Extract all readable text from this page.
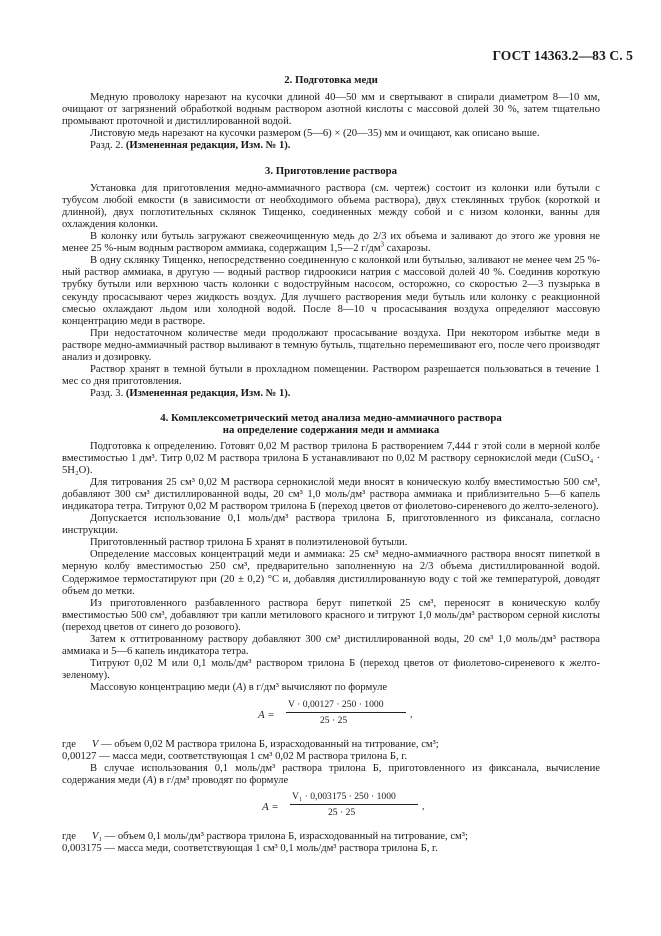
ГОСТ 14363.2—83 С. 5

2. Подготовка меди

Медную проволоку нарезают на кусочки длиной 40—50 мм и свертывают в спирали диаметром 8—10 мм, очищают от загрязнений обработкой водным раствором азотной кислоты с массовой долей 30 %, затем тщательно промывают проточной и дистиллированной водой.

Листовую медь нарезают на кусочки размером (5—6) × (20—35) мм и очищают, как описано выше.

Разд. 2. (Измененная редакция, Изм. № 1).

3. Приготовление раствора

Установка для приготовления медно-аммиачного раствора (см. чертеж) состоит из колонки или бутыли с тубусом любой емкости (в зависимости от необходимого объема раствора), двух стеклянных трубок (короткой и длинной), двух поглотительных склянок Тищенко, соединенных между собой и с низом колонки, ванны для охлаждения колонки.

В колонку или бутыль загружают свежеочищенную медь до 2/3 их объема и заливают до этого же уровня не менее 25 %-ным водным раствором аммиака, содержащим 1,5—2 $г/дм^3$ сахарозы.

В одну склянку Тищенко, непосредственно соединенную с колонкой или бутылью, заливают не менее чем 25 %-ный раствор аммиака, в другую — водный раствор гидроокиси натрия с массовой долей 40 %. Соединив короткую трубку бутыли или верхнюю часть колонки с водоструйным насосом, осторожно, со скоростью 2—3 пузырька в секунду просасывают через жидкость воздух. Для лучшего растворения меди бутыль или колонку с реакционной смесью охлаждают льдом или холодной водой. После 8—10 ч просасывания воздуха определяют массовую концентрацию меди в растворе.

При недостаточном количестве меди продолжают просасывание воздуха. При некотором избытке меди в растворе медно-аммиачный раствор выливают в темную бутыль, тщательно перемешивают его, после чего производят анализ и дозировку.

Раствор хранят в темной бутыли в прохладном помещении. Раствором разрешается пользоваться в течение 1 мес со дня приготовления.

Разд. 3. (Измененная редакция, Изм. № 1).

4. Комплексометрический метод анализа медно-аммиачного раствора

на определение содержания меди и аммиака

Подготовка к определению. Готовят 0,02 М раствор трилона Б растворением 7,444 г этой соли в мерной колбе вместимостью 1 дм³. Титр 0,02 М раствора трилона Б устанавливают по 0,02 М раствору сернокислой меди (CuSO₄ · 5H₂O).

Для титрования 25 см³ 0,02 М раствора сернокислой меди вносят в коническую колбу вместимостью 500 см³, добавляют 300 см³ дистиллированной воды, 20 см³ 1,0 моль/дм³ раствора аммиака и приблизительно 5—6 капель индикатора тетра. Титруют 0,02 М раствором трилона Б (переход цветов от фиолетово-сиреневого до желто-зеленого).

Допускается использование 0,1 моль/дм³ раствора трилона Б, приготовленного из фиксанала, согласно инструкции.

Приготовленный раствор трилона Б хранят в полиэтиленовой бутыли.

Определение массовых концентраций меди и аммиака: 25 см³ медно-аммиачного раствора вносят пипеткой в мерную колбу вместимостью 250 см³, предварительно заполненную на 2/3 объема дистиллированной водой. Содержимое термостатируют при (20 ± 0,2) °С и, добавляя дистиллированную воду с той же температурой, доводят объем до метки.

Из приготовленного разбавленного раствора берут пипеткой 25 см³, переносят в коническую колбу вместимостью 500 см³, добавляют три капли метилового красного и титруют 1,0 моль/дм³ раствором серной кислоты (переход цветов от синего до розового).

Затем к оттитрованному раствору добавляют 300 см³ дистиллированной воды, 20 см³ 1,0 моль/дм³ раствора аммиака и 5—6 капель индикатора тетра.

Титруют 0,02 М или 0,1 моль/дм³ раствором трилона Б (переход цветов от фиолетово-сиреневого к желто-зеленому).

Массовую концентрацию меди (А) в г/дм³ вычисляют по формуле

A =
V · 0,00127 · 250 · 1000
25 · 25
,

где V — объем 0,02 М раствора трилона Б, израсходованный на титрование, см³;

0,00127 — масса меди, соответствующая 1 см³ 0,02 М раствора трилона Б, г.

В случае использования 0,1 моль/дм³ раствора трилона Б, приготовленного из фиксанала, вычисление содержания меди (А) в г/дм³ проводят по формуле

A =
V₁ · 0,003175 · 250 · 1000
25 · 25
,

где V₁ — объем 0,1 моль/дм³ раствора трилона Б, израсходованный на титрование, см³;

0,003175 — масса меди, соответствующая 1 см³ 0,1 моль/дм³ раствора трилона Б, г.
